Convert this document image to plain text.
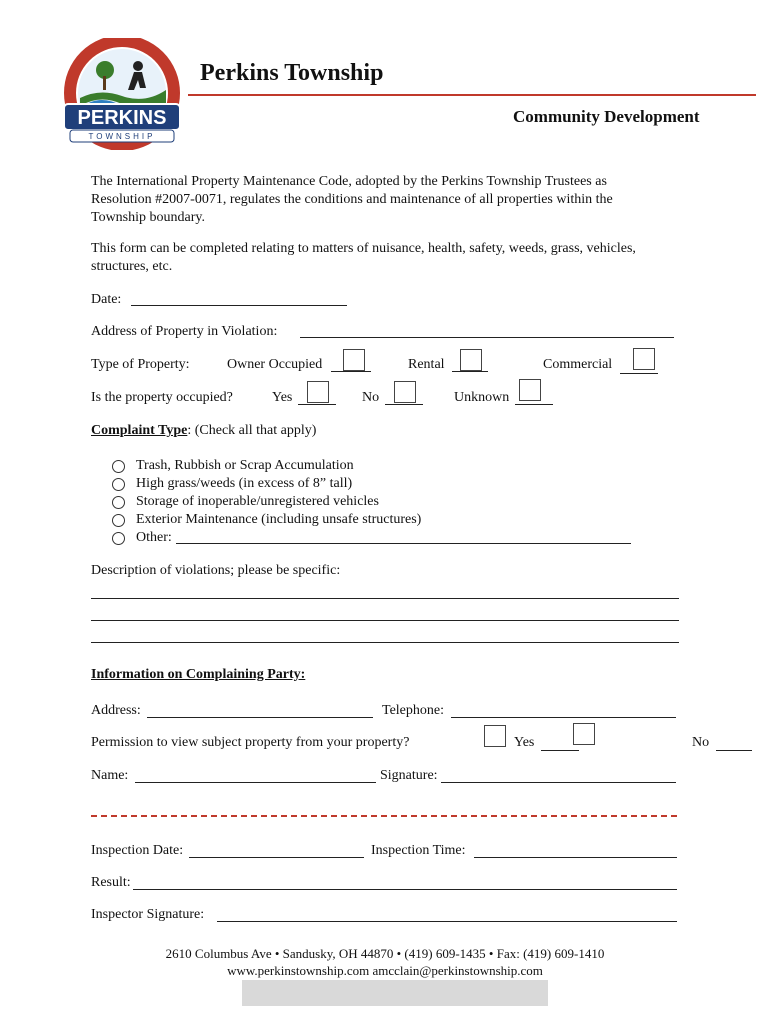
PERKINS
TOWNSHIP
Perkins Township
Community Development
The International Property Maintenance Code, adopted by the Perkins Township Trustees as
Resolution #2007-0071, regulates the conditions and maintenance of all properties within the
Township boundary.
This form can be completed relating to matters of nuisance, health, safety, weeds, grass, vehicles,
structures, etc.
Date:
Address of Property in Violation:
Type of Property:	Owner Occupied	Rental	Commercial
Is the property occupied?	Yes	No	Unknown
Complaint Type: (Check all that apply)
Trash, Rubbish or Scrap Accumulation
High grass/weeds (in excess of 8” tall)
Storage of inoperable/unregistered vehicles
Exterior Maintenance (including unsafe structures)
Other:
Description of violations; please be specific:
Information on Complaining Party:
Address:	Telephone:
Permission to view subject property from your property?	Yes	No
Name:	Signature:
Inspection Date:	Inspection Time:
Result:
Inspector Signature:
2610 Columbus Ave • Sandusky, OH 44870 • (419) 609-1435 • Fax: (419) 609-1410
www.perkinstownship.com amcclain@perkinstownship.com
